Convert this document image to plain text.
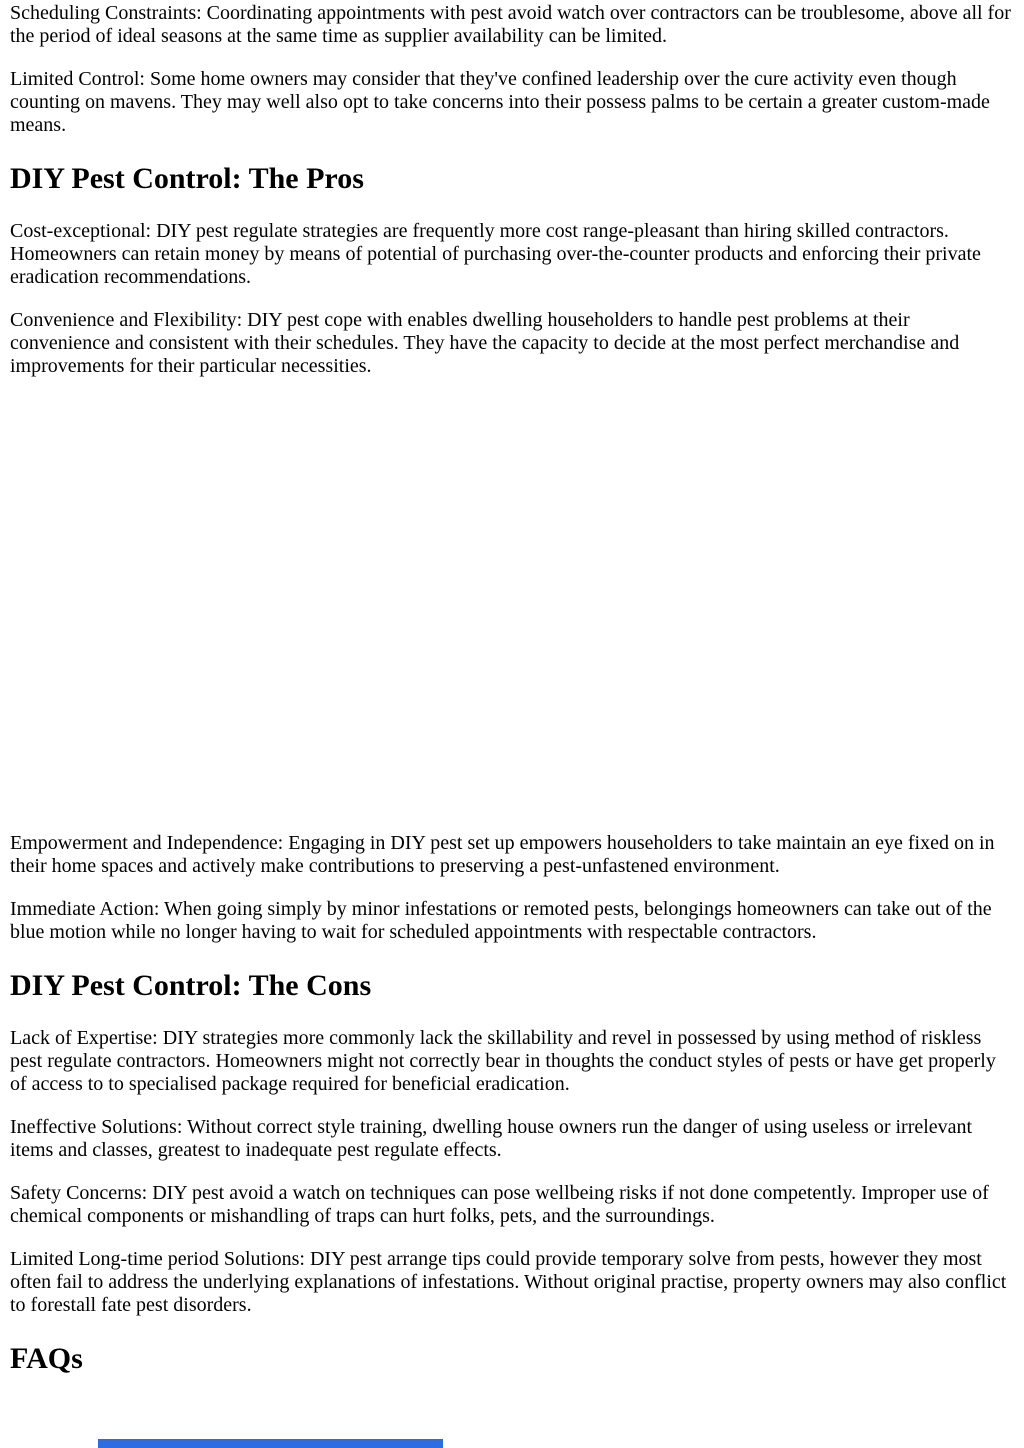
Scheduling Constraints: Coordinating appointments with pest avoid watch over contractors can be troublesome, above all for the period of ideal seasons at the same time as supplier availability can be limited.

Limited Control: Some home owners may consider that they've confined leadership over the cure activity even though counting on mavens. They may well also opt to take concerns into their possess palms to be certain a greater custom-made means.

DIY Pest Control: The Pros

Cost-exceptional: DIY pest regulate strategies are frequently more cost range-pleasant than hiring skilled contractors. Homeowners can retain money by means of potential of purchasing over-the-counter products and enforcing their private eradication recommendations.

Convenience and Flexibility: DIY pest cope with enables dwelling householders to handle pest problems at their convenience and consistent with their schedules. They have the capacity to decide at the most perfect merchandise and improvements for their particular necessities.

Empowerment and Independence: Engaging in DIY pest set up empowers householders to take maintain an eye fixed on in their home spaces and actively make contributions to preserving a pest-unfastened environment.

Immediate Action: When going simply by minor infestations or remoted pests, belongings homeowners can take out of the blue motion while no longer having to wait for scheduled appointments with respectable contractors.

DIY Pest Control: The Cons

Lack of Expertise: DIY strategies more commonly lack the skillability and revel in possessed by using method of riskless pest regulate contractors. Homeowners might not correctly bear in thoughts the conduct styles of pests or have get properly of access to to specialised package required for beneficial eradication.

Ineffective Solutions: Without correct style training, dwelling house owners run the danger of using useless or irrelevant items and classes, greatest to inadequate pest regulate effects.

Safety Concerns: DIY pest avoid a watch on techniques can pose wellbeing risks if not done competently. Improper use of chemical components or mishandling of traps can hurt folks, pets, and the surroundings.

Limited Long-time period Solutions: DIY pest arrange tips could provide temporary solve from pests, however they most often fail to address the underlying explanations of infestations. Without original practise, property owners may also conflict to forestall fate pest disorders.

FAQs
